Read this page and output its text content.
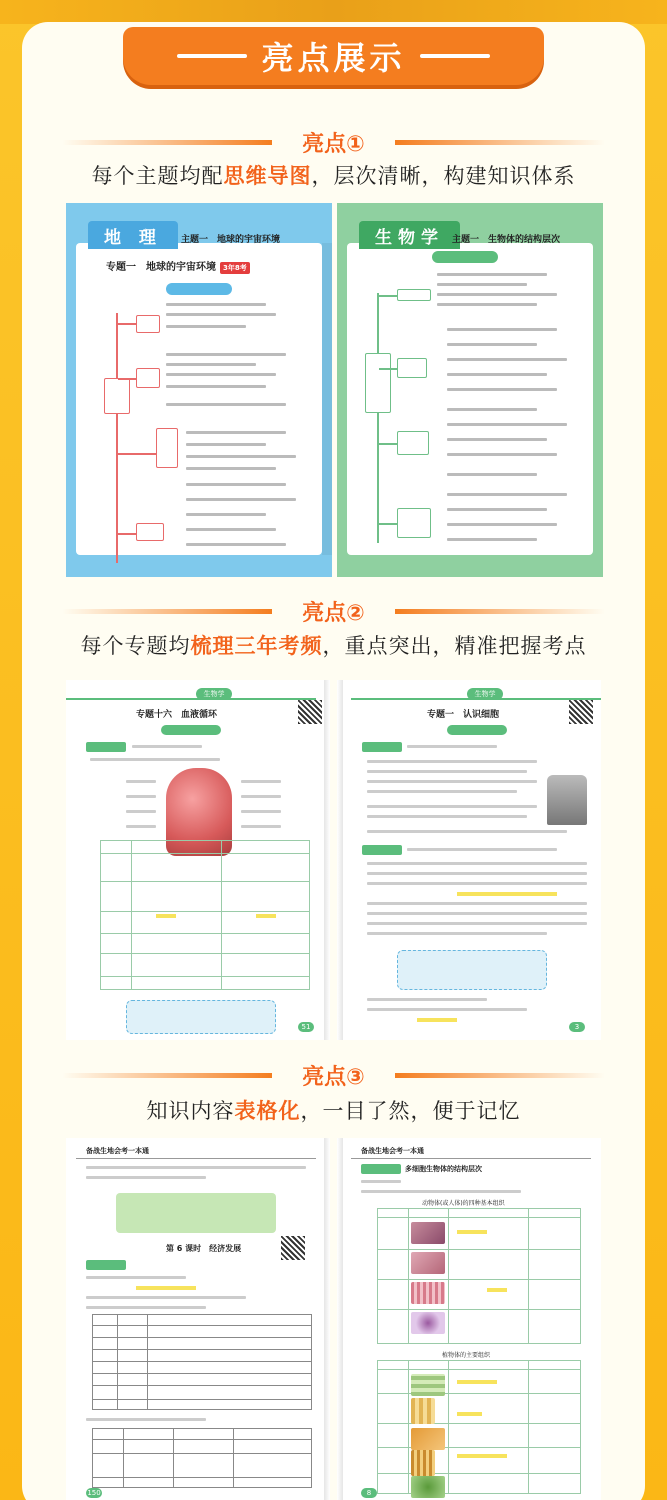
亮点展示
亮点①
每个主题均配思维导图，层次清晰，构建知识体系
地 理	主题一　地球的宇宙环境
专题一　地球的宇宙环境 3年8考
生物学 主题一　生物体的结构层次
亮点②
每个专题均梳理三年考频，重点突出，精准把握考点
生物学
专题十六　血液循环
51
生物学
专题一　认识细胞
3
亮点③
知识内容表格化，一目了然，便于记忆
备战生地会考一本通
第 6 课时　经济发展
150
备战生地会考一本通
多细胞生物体的结构层次
动物体(或人体)的四种基本组织
植物体的主要组织
8
